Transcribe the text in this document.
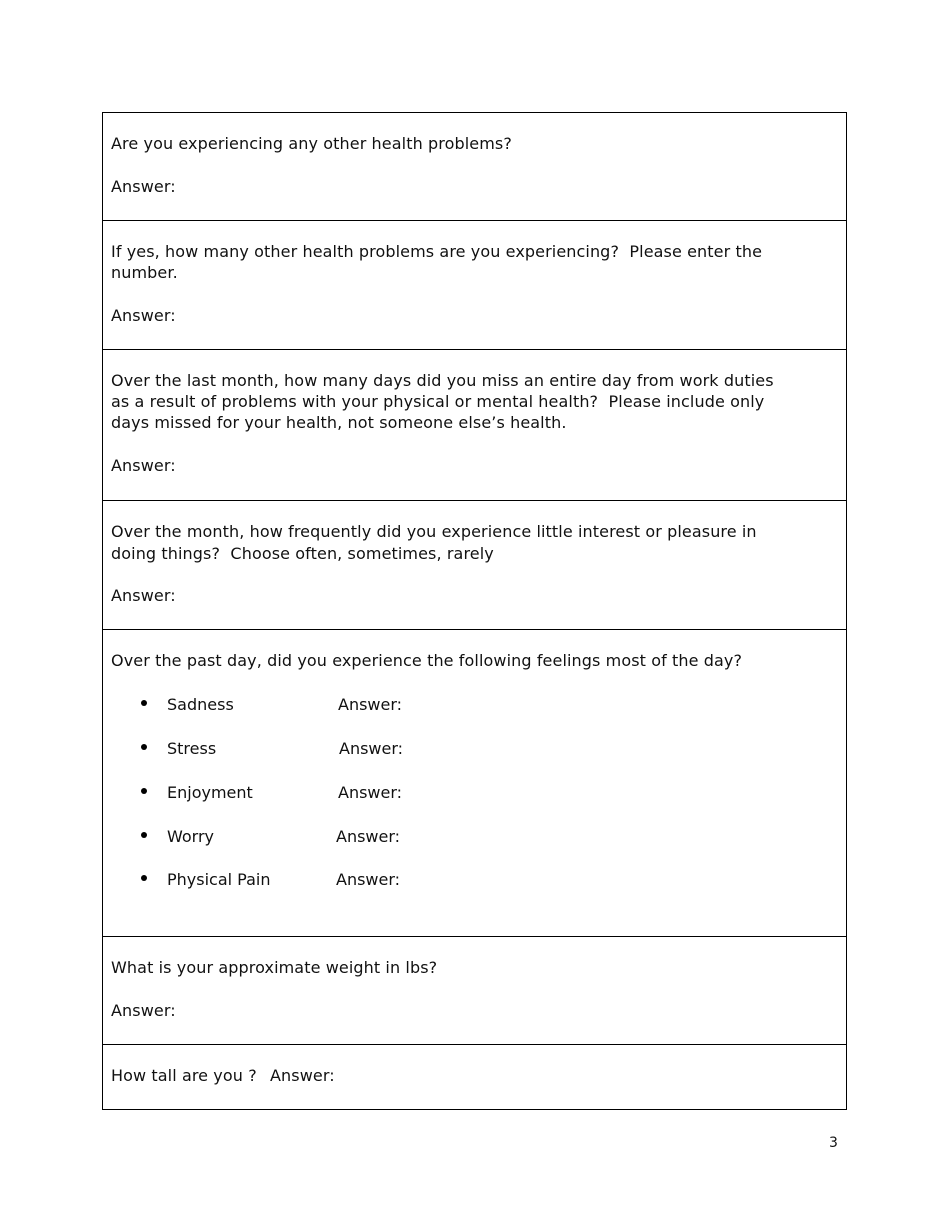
Are you experiencing any other health problems?
Answer:
If yes, how many other health problems are you experiencing?  Please enter the
number.
Answer:
Over the last month, how many days did you miss an entire day from work duties
as a result of problems with your physical or mental health?  Please include only
days missed for your health, not someone else’s health.
Answer:
Over the month, how frequently did you experience little interest or pleasure in
doing things?  Choose often, sometimes, rarely
Answer:
Over the past day, did you experience the following feelings most of the day?
Sadness	Answer:
Stress	Answer:
Enjoyment	Answer:
Worry	Answer:
Physical Pain	Answer:
What is your approximate weight in lbs?
Answer:
How tall are you ? Answer:
3
